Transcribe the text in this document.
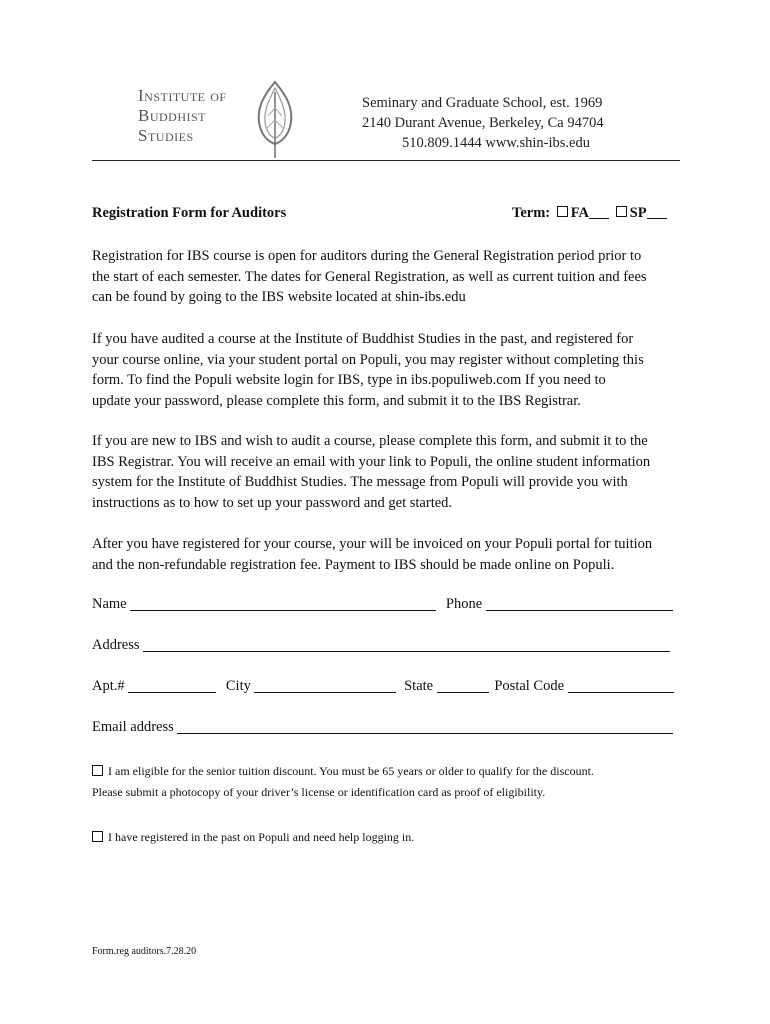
Institute of
Buddhist
Studies
Seminary and Graduate School, est. 1969
2140 Durant Avenue, Berkeley, Ca 94704
510.809.1444 www.shin-ibs.edu
Registration Form for Auditors	Term: FA	SP
Registration for IBS course is open for auditors during the General Registration period prior to
the start of each semester. The dates for General Registration, as well as current tuition and fees
can be found by going to the IBS website located at shin-ibs.edu
If you have audited a course at the Institute of Buddhist Studies in the past, and registered for
your course online, via your student portal on Populi, you may register without completing this
form. To find the Populi website login for IBS, type in ibs.populiweb.com If you need to
update your password, please complete this form, and submit it to the IBS Registrar.
If you are new to IBS and wish to audit a course, please complete this form, and submit it to the
IBS Registrar. You will receive an email with your link to Populi, the online student information
system for the Institute of Buddhist Studies. The message from Populi will provide you with
instructions as to how to set up your password and get started.
After you have registered for your course, your will be invoiced on your Populi portal for tuition
and the non-refundable registration fee. Payment to IBS should be made online on Populi.
Name	Phone
Address
Apt.#	City	State	Postal Code
Email address
I am eligible for the senior tuition discount. You must be 65 years or older to qualify for the discount.
Please submit a photocopy of your driver’s license or identification card as proof of eligibility.
I have registered in the past on Populi and need help logging in.
Form.reg auditors.7.28.20
